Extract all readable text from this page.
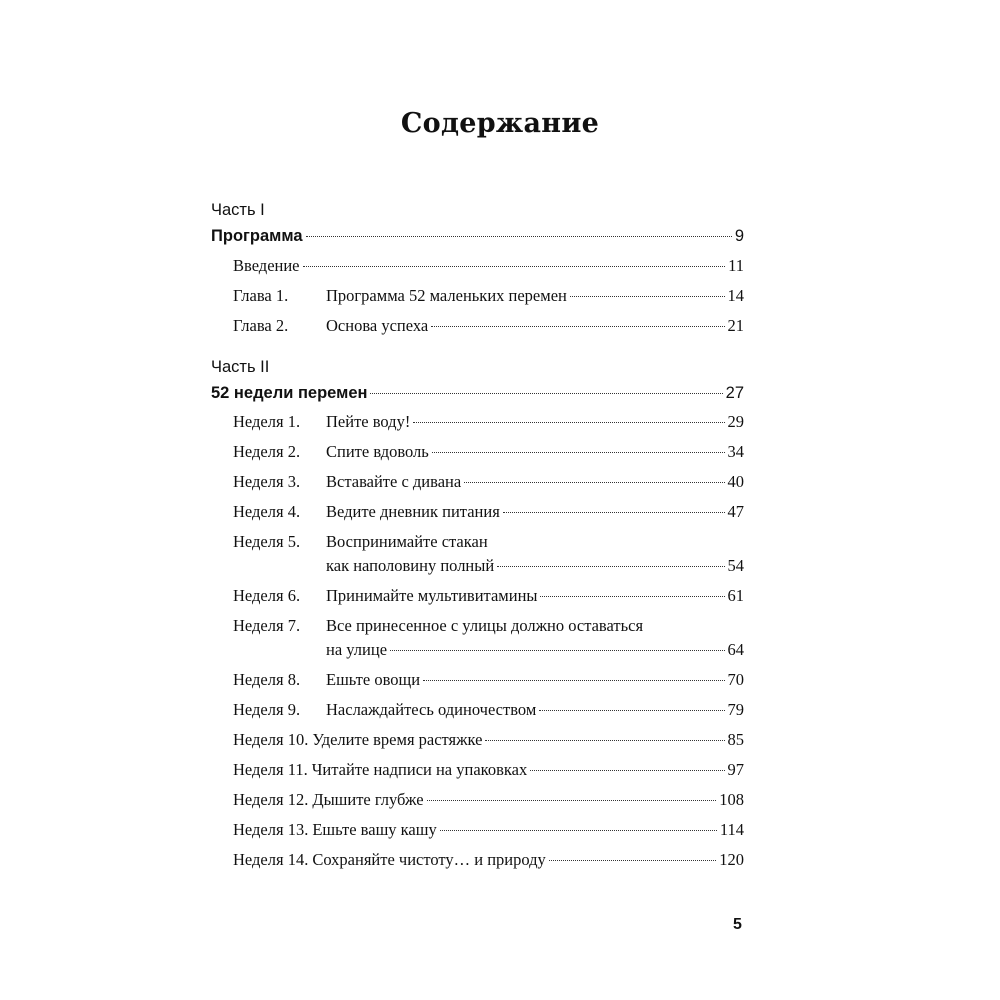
Содержание
Часть I
Программа	9
Введение	11
Глава 1.	Программа 52 маленьких перемен	14
Глава 2.	Основа успеха	21
Часть II
52 недели перемен	27
Неделя 1.	Пейте воду!	29
Неделя 2.	Спите вдоволь	34
Неделя 3.	Вставайте с дивана	40
Неделя 4.	Ведите дневник питания	47
Неделя 5.	Воспринимайте стакан
как наполовину полный	54
Неделя 6.	Принимайте мультивитамины	61
Неделя 7.	Все принесенное с улицы должно оставаться
на улице	64
Неделя 8.	Ешьте овощи	70
Неделя 9.	Наслаждайтесь одиночеством	79
Неделя 10. Уделите время растяжке	85
Неделя 11. Читайте надписи на упаковках	97
Неделя 12. Дышите глубже	108
Неделя 13. Ешьте вашу кашу	114
Неделя 14. Сохраняйте чистоту… и природу	120
5
